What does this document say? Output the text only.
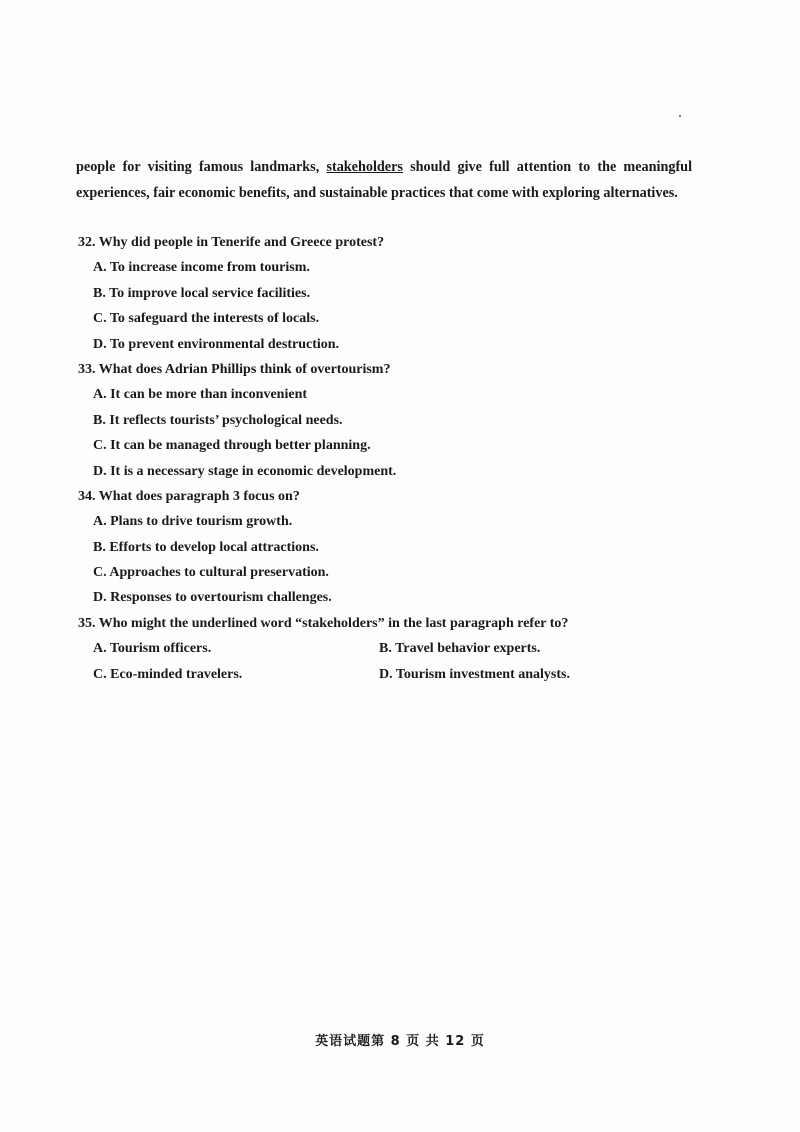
people for visiting famous landmarks, stakeholders should give full attention to the meaningful
experiences, fair economic benefits, and sustainable practices that come with exploring alternatives.
32. Why did people in Tenerife and Greece protest?
A. To increase income from tourism.
B. To improve local service facilities.
C. To safeguard the interests of locals.
D. To prevent environmental destruction.
33. What does Adrian Phillips think of overtourism?
A. It can be more than inconvenient
B. It reflects tourists’ psychological needs.
C. It can be managed through better planning.
D. It is a necessary stage in economic development.
34. What does paragraph 3 focus on?
A. Plans to drive tourism growth.
B. Efforts to develop local attractions.
C. Approaches to cultural preservation.
D. Responses to overtourism challenges.
35. Who might the underlined word “stakeholders” in the last paragraph refer to?
A. Tourism officers.	B. Travel behavior experts.
C. Eco-minded travelers.	D. Tourism investment analysts.
英语试题第 8 页 共 12 页
